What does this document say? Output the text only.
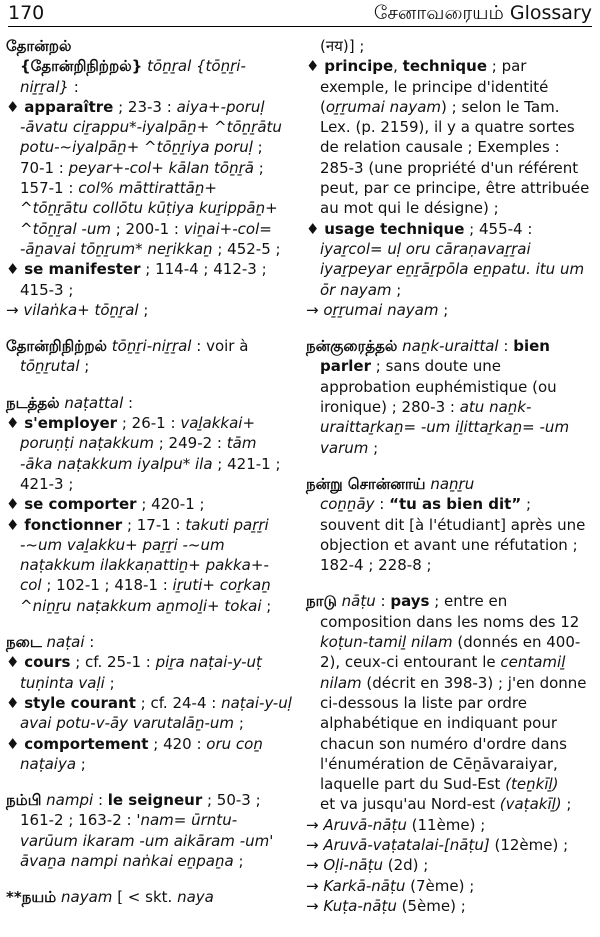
170	சேனாவரையம் Glossary
தோன்றல்
{தோன்றிநிற்றல்} tōṉṟal {tōṉṟi-
niṟṟal} :
♦ apparaître ; 23-3 : aiya+-poruḷ
-āvatu ciṟappu*-iyalpāṉ+ ^tōṉṟātu
potu-~iyalpāṉ+ ^tōṉṟiya poruḷ ;
70-1 : peyar+-col+ kālan tōṉṟā ;
157-1 : col% māttirattāṉ+
^tōṉṟātu collōtu kūṭiya kuṟippāṉ+
^tōṉṟal -um ; 200-1 : viṉai+-col=
-āṉavai tōṉṟum* neṟikkaṉ ; 452-5 ;
♦ se manifester ; 114-4 ; 412-3 ;
415-3 ;
→ vilaṅka+ tōṉṟal ;
தோன்றிநிற்றல் tōṉṟi-niṟṟal : voir à
tōṉṟutal ;
நடத்தல் naṭattal :
♦ s'employer ; 26-1 : vaḻakkai+
poruṇṭi naṭakkum ; 249-2 : tām
-āka naṭakkum iyalpu* ila ; 421-1 ;
421-3 ;
♦ se comporter ; 420-1 ;
♦ fonctionner ; 17-1 : takuti paṟṟi
-~um vaḻakku+ paṟṟi -~um
naṭakkum ilakkaṇattiṉ+ pakka+-
col ; 102-1 ; 418-1 : iṟuti+ coṟkaṉ
^niṉṟu naṭakkum aṉmoḻi+ tokai ;
நடை naṭai :
♦ cours ; cf. 25-1 : piṟa naṭai-y-uṭ
tuṇinta vaḷi ;
♦ style courant ; cf. 24-4 : naṭai-y-uḷ
avai potu-v-āy varutalāṉ-um ;
♦ comportement ; 420 : oru coṉ
naṭaiya ;
நம்பி nampi : le seigneur ; 50-3 ;
161-2 ; 163-2 : 'nam= ūrntu-
varūum ikaram -um aikāram -um'
āvaṉa nampi naṅkai eṉpaṉa ;
**நயம் nayam [ < skt. naya
(नय)] ;
♦ principe, technique ; par
exemple, le principe d'identité
(oṟṟumai nayam) ; selon le Tam.
Lex. (p. 2159), il y a quatre sortes
de relation causale ; Exemples :
285-3 (une propriété d'un référent
peut, par ce principe, être attribuée
au mot qui le désigne) ;
♦ usage technique ; 455-4 :
iyaṟcol= uḷ oru cāraṇavaṟṟai
iyaṟpeyar eṉṟāṟpōla eṉpatu. itu um
ōr nayam ;
→ oṟṟumai nayam ;
நன்குரைத்தல் naṉk-uraittal : bien
parler ; sans doute une
approbation euphémistique (ou
ironique) ; 280-3 : atu naṉk-
uraittaṟkaṉ= -um iḻittaṟkaṉ= -um
varum ;
நன்று சொன்னாய் naṉṟu
coṉṉāy : “tu as bien dit” ;
souvent dit [à l'étudiant] après une
objection et avant une réfutation ;
182-4 ; 228-8 ;
நாடு nāṭu : pays ; entre en
composition dans les noms des 12
koṭun-tamiḻ nilam (donnés en 400-
2), ceux-ci entourant le centamiḻ
nilam (décrit en 398-3) ; j'en donne
ci-dessous la liste par ordre
alphabétique en indiquant pour
chacun son numéro d'ordre dans
l'énumération de Cēṉāvaraiyar,
laquelle part du Sud-Est (teṉkīḻ)
et va jusqu'au Nord-est (vaṭakīḻ) ;
→ Aruvā-nāṭu (11ème) ;
→ Aruvā-vaṭatalai-[nāṭu] (12ème) ;
→ Oḷi-nāṭu (2d) ;
→ Karkā-nāṭu (7ème) ;
→ Kuṭa-nāṭu (5ème) ;
